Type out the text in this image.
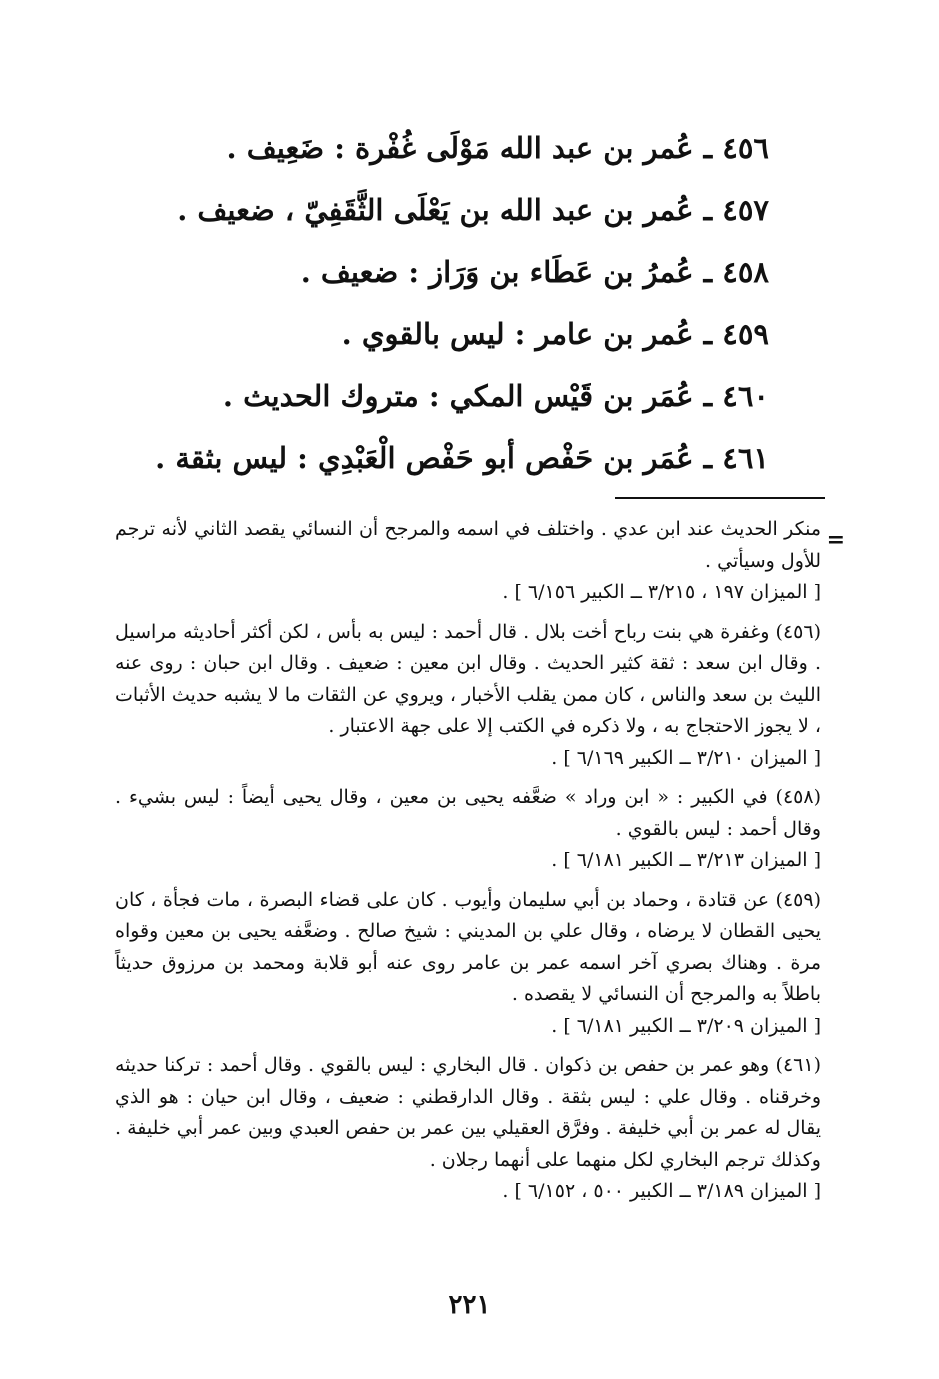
٤٥٦ ـ عُمر بن عبد الله مَوْلَى غُفْرة : ضَعِيف .
٤٥٧ ـ عُمر بن عبد الله بن يَعْلَى الثَّقَفِيّ ، ضعيف .
٤٥٨ ـ عُمرُ بن عَطَاء بن وَرَاز : ضعيف .
٤٥٩ ـ عُمر بن عامر : ليس بالقوي .
٤٦٠ ـ عُمَر بن قَيْس المكي : متروك الحديث .
٤٦١ ـ عُمَر بن حَفْص أبو حَفْص الْعَبْدِي : ليس بثقة .
=

منكر الحديث عند ابن عدي . واختلف في اسمه والمرجح أن النسائي يقصد الثاني لأنه ترجم للأول وسيأتي .
[ الميزان ١٩٧ ، ٣/٢١٥ ــ الكبير ٦/١٥٦ ] .

(٤٥٦) وغفرة هي بنت رباح أخت بلال . قال أحمد : ليس به بأس ، لكن أكثر أحاديثه مراسيل . وقال ابن سعد : ثقة كثير الحديث . وقال ابن معين : ضعيف . وقال ابن حبان : روى عنه الليث بن سعد والناس ، كان ممن يقلب الأخبار ، ويروي عن الثقات ما لا يشبه حديث الأثبات ، لا يجوز الاحتجاج به ، ولا ذكره في الكتب إلا على جهة الاعتبار .
[ الميزان ٣/٢١٠ ــ الكبير ٦/١٦٩ ] .

(٤٥٨) في الكبير : « ابن وراد » ضعَّفه يحيى بن معين ، وقال يحيى أيضاً : ليس بشيء . وقال أحمد : ليس بالقوي .
[ الميزان ٣/٢١٣ ــ الكبير ٦/١٨١ ] .

(٤٥٩) عن قتادة ، وحماد بن أبي سليمان وأيوب . كان على قضاء البصرة ، مات فجأة ، كان يحيى القطان لا يرضاه ، وقال علي بن المديني : شيخ صالح . وضعَّفه يحيى بن معين وقواه مرة . وهناك بصري آخر اسمه عمر بن عامر روى عنه أبو قلابة ومحمد بن مرزوق حديثاً باطلاً به والمرجح أن النسائي لا يقصده .
[ الميزان ٣/٢٠٩ ــ الكبير ٦/١٨١ ] .

(٤٦١) وهو عمر بن حفص بن ذكوان . قال البخاري : ليس بالقوي . وقال أحمد : تركنا حديثه وخرقناه . وقال علي : ليس بثقة . وقال الدارقطني : ضعيف ، وقال ابن حيان : هو الذي يقال له عمر بن أبي خليفة . وفرَّق العقيلي بين عمر بن حفص العبدي وبين عمر أبي خليفة . وكذلك ترجم البخاري لكل منهما على أنهما رجلان .
[ الميزان ٣/١٨٩ ــ الكبير ٥٠٠ ، ٦/١٥٢ ] .

٢٢١
